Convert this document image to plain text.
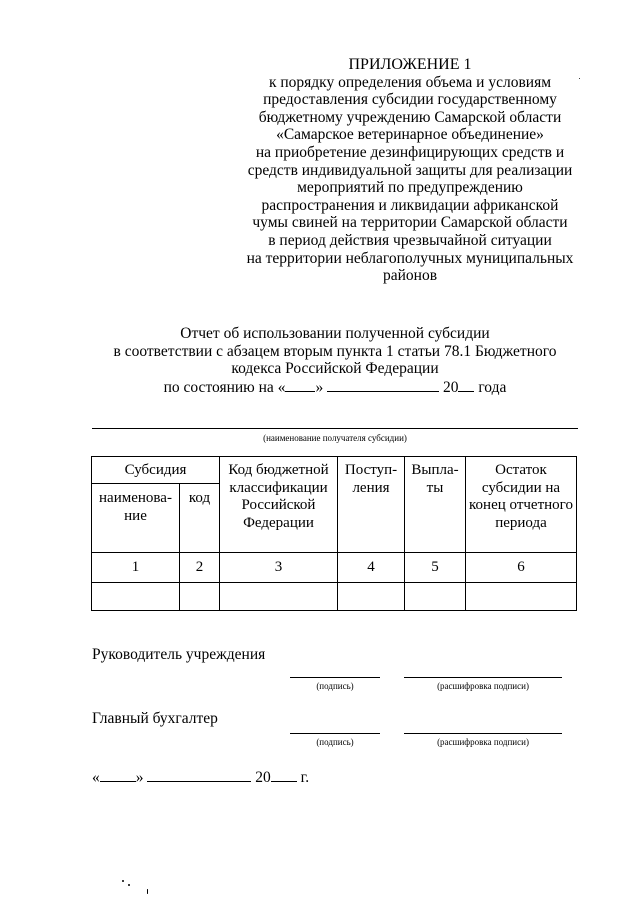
ПРИЛОЖЕНИЕ 1
к порядку определения объема и условиям
предоставления субсидии государственному
бюджетному учреждению Самарской области
«Самарское ветеринарное объединение»
на приобретение дезинфицирующих средств и
средств индивидуальной защиты для реализации
мероприятий по предупреждению
распространения и ликвидации африканской
чумы свиней на территории Самарской области
в период действия чрезвычайной ситуации
на территории неблагополучных муниципальных
районов
Отчет об использовании полученной субсидии
в соответствии с абзацем вторым пункта 1 статьи 78.1 Бюджетного
кодекса Российской Федерации
по состоянию на « »	20 года
(наименование получателя субсидии)
Субсидия		Код бюджетной классификации Российской Федерации	Поступ-ления	Выпла-ты	Остаток субсидии на конец отчетного периода
наименова-ние	код				
1	2	3	4	5	6

Руководитель учреждения
(подпись)	(расшифровка подписи)
Главный бухгалтер
(подпись)	(расшифровка подписи)
« »	20 г.
